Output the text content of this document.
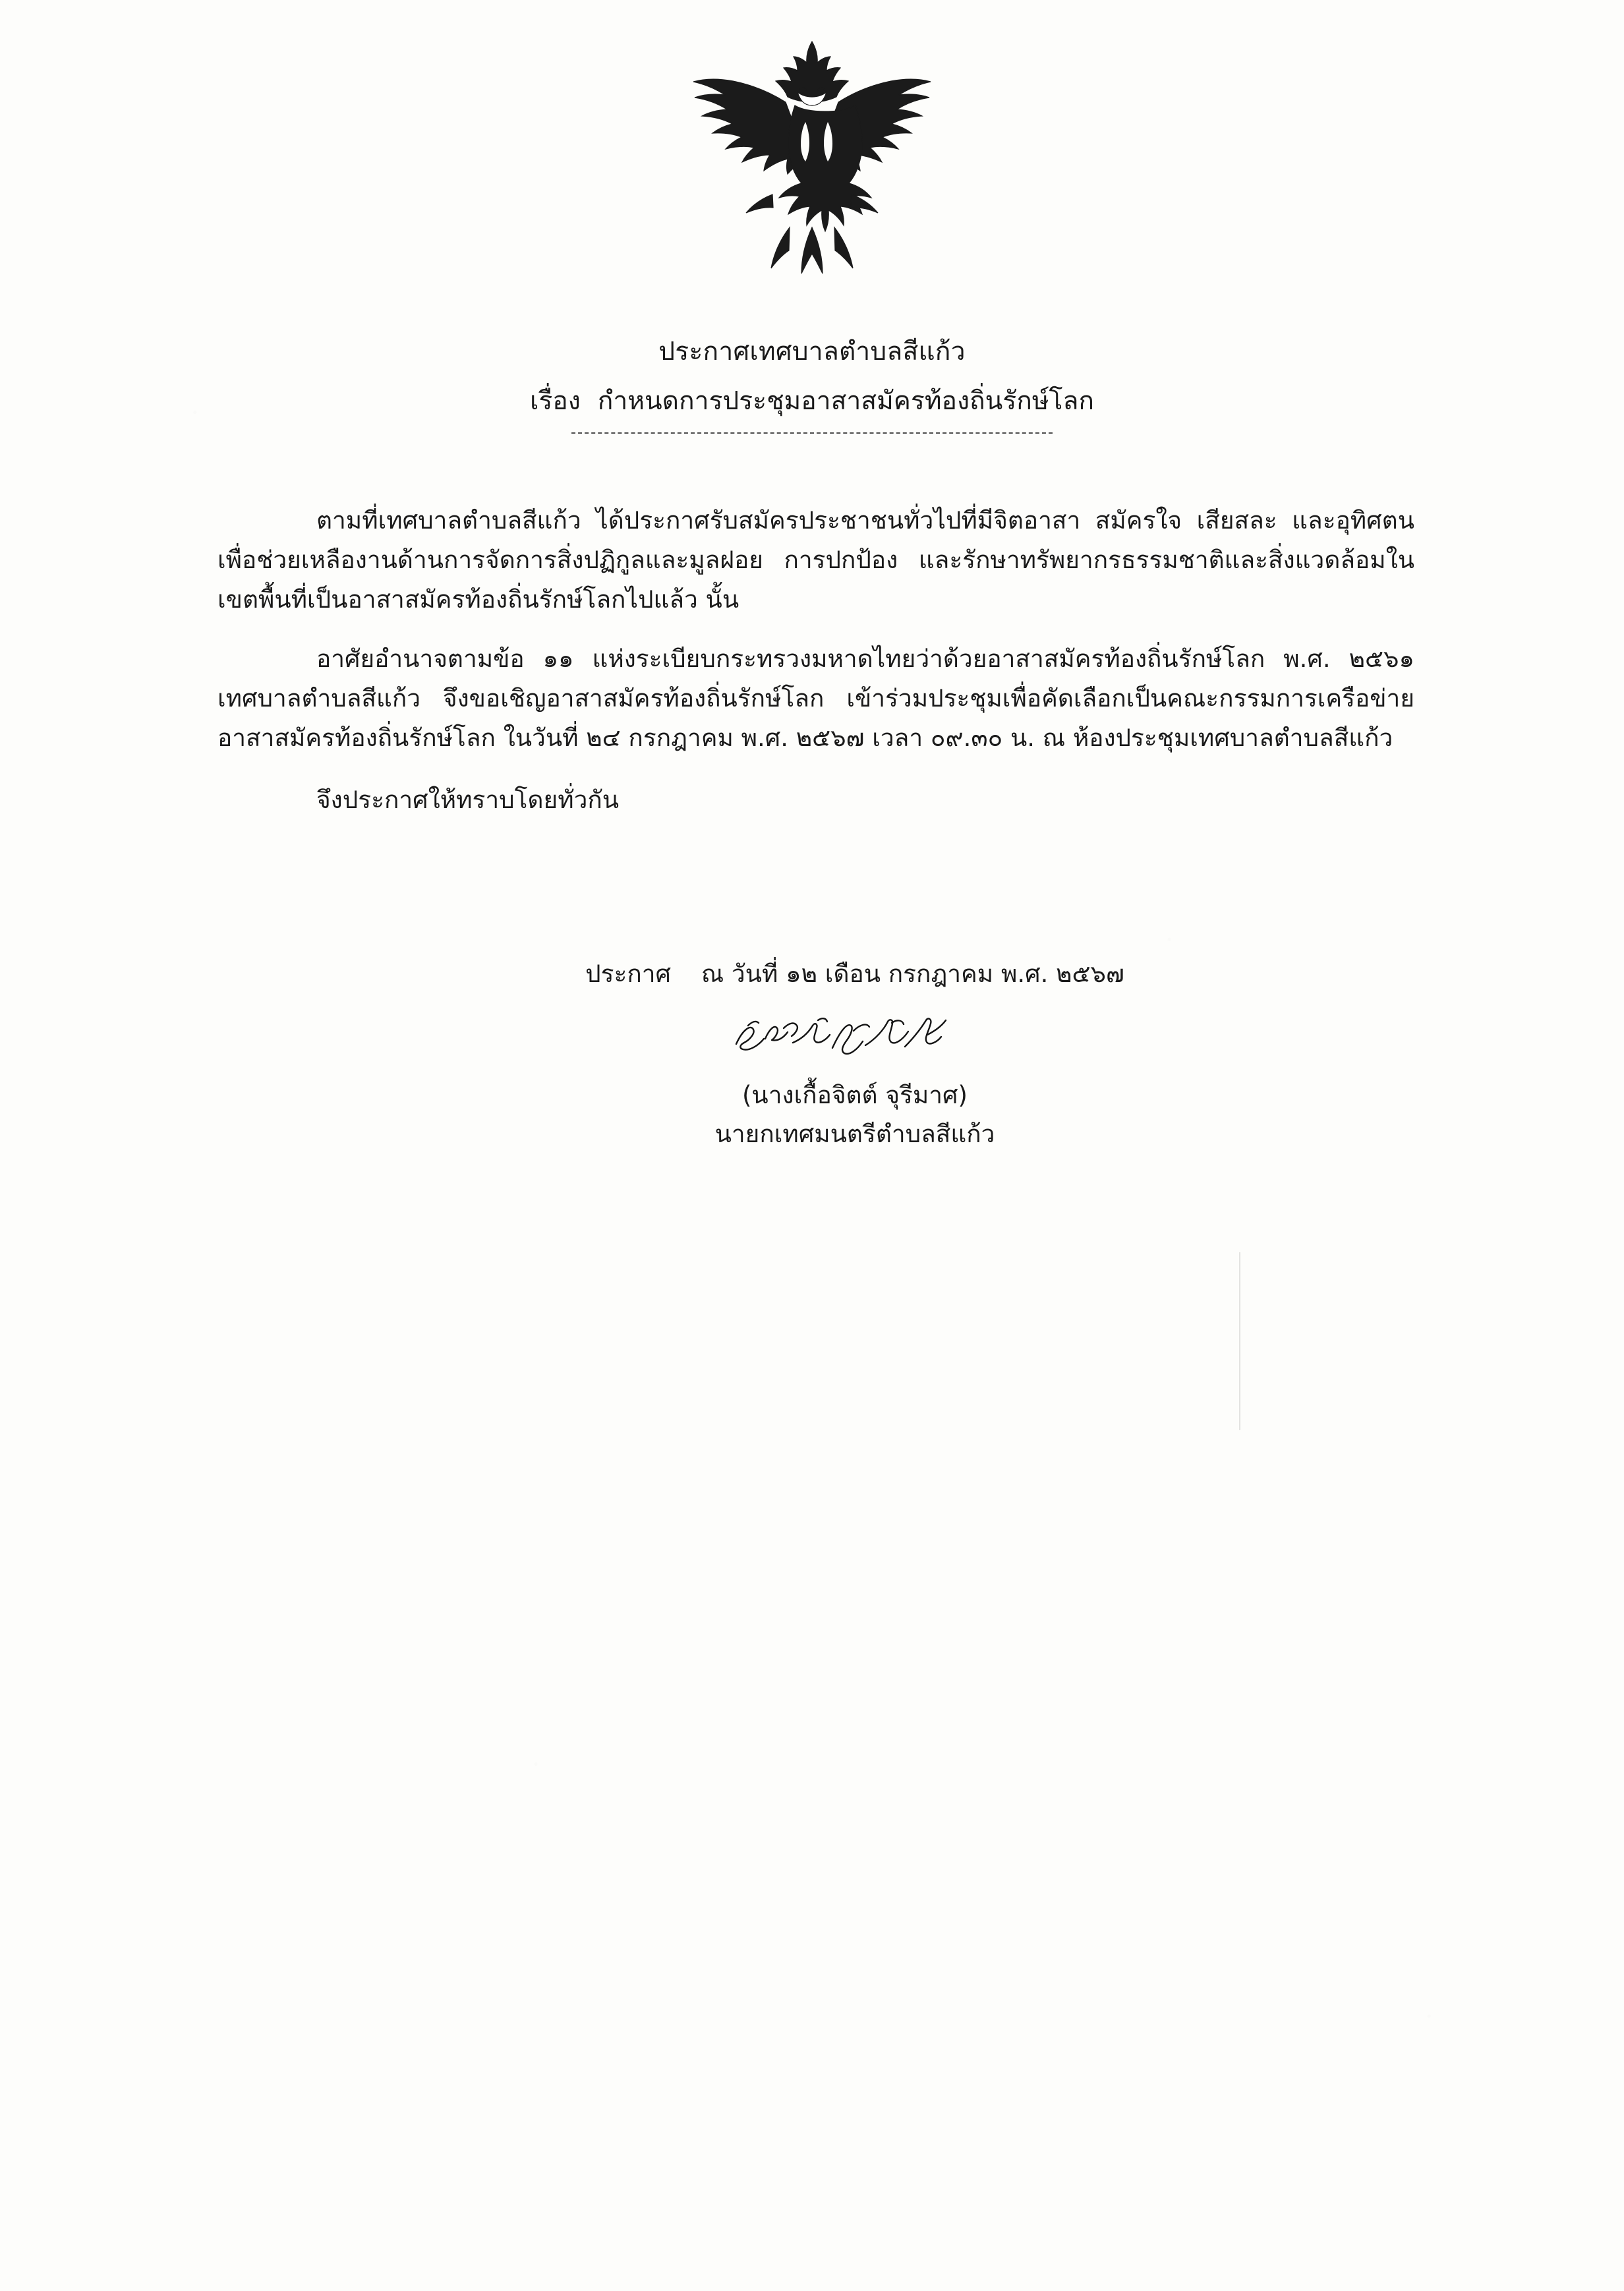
ประกาศเทศบาลตำบลสีแก้ว
เรื่อง กำหนดการประชุมอาสาสมัครท้องถิ่นรักษ์โลก

ตามที่เทศบาลตำบลสีแก้ว ได้ประกาศรับสมัครประชาชนทั่วไปที่มีจิตอาสา สมัครใจ เสียสละ และอุทิศตน เพื่อช่วยเหลืองานด้านการจัดการสิ่งปฏิกูลและมูลฝอย การปกป้อง และรักษาทรัพยากรธรรมชาติและสิ่งแวดล้อมในเขตพื้นที่เป็นอาสาสมัครท้องถิ่นรักษ์โลกไปแล้ว นั้น

อาศัยอำนาจตามข้อ ๑๑ แห่งระเบียบกระทรวงมหาดไทยว่าด้วยอาสาสมัครท้องถิ่นรักษ์โลก พ.ศ. ๒๕๖๑ เทศบาลตำบลสีแก้ว จึงขอเชิญอาสาสมัครท้องถิ่นรักษ์โลก เข้าร่วมประชุมเพื่อคัดเลือกเป็นคณะกรรมการเครือข่ายอาสาสมัครท้องถิ่นรักษ์โลก ในวันที่ ๒๔ กรกฎาคม พ.ศ. ๒๕๖๗ เวลา ๐๙.๓๐ น. ณ ห้องประชุมเทศบาลตำบลสีแก้ว

จึงประกาศให้ทราบโดยทั่วกัน

ประกาศ ณ วันที่ ๑๒ เดือน กรกฎาคม พ.ศ. ๒๕๖๗
(นางเกื้อจิตต์ จุรีมาศ)
นายกเทศมนตรีตำบลสีแก้ว
